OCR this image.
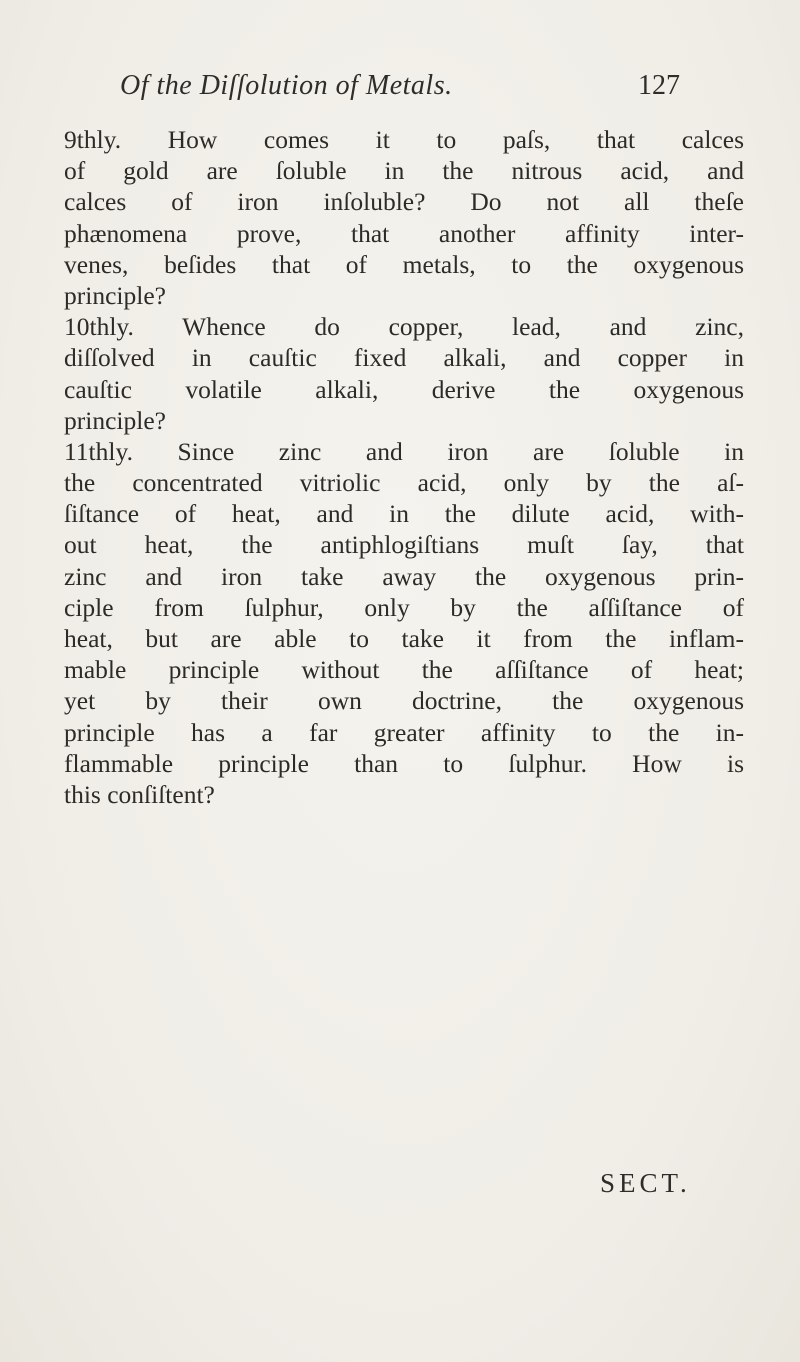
Of the Diſſolution of Metals.	127
9thly. How comes it to paſs, that calces
of gold are ſoluble in the nitrous acid, and
calces of iron inſoluble? Do not all theſe
phænomena prove, that another affinity inter-
venes, beſides that of metals, to the oxygenous
principle?
10thly. Whence do copper, lead, and zinc,
diſſolved in cauſtic fixed alkali, and copper in
cauſtic volatile alkali, derive the oxygenous
principle?
11thly. Since zinc and iron are ſoluble in
the concentrated vitriolic acid, only by the aſ-
ſiſtance of heat, and in the dilute acid, with-
out heat, the antiphlogiſtians muſt ſay, that
zinc and iron take away the oxygenous prin-
ciple from ſulphur, only by the aſſiſtance of
heat, but are able to take it from the inflam-
mable principle without the aſſiſtance of heat;
yet by their own doctrine, the oxygenous
principle has a far greater affinity to the in-
flammable principle than to ſulphur. How is
this conſiſtent?
SECT.
